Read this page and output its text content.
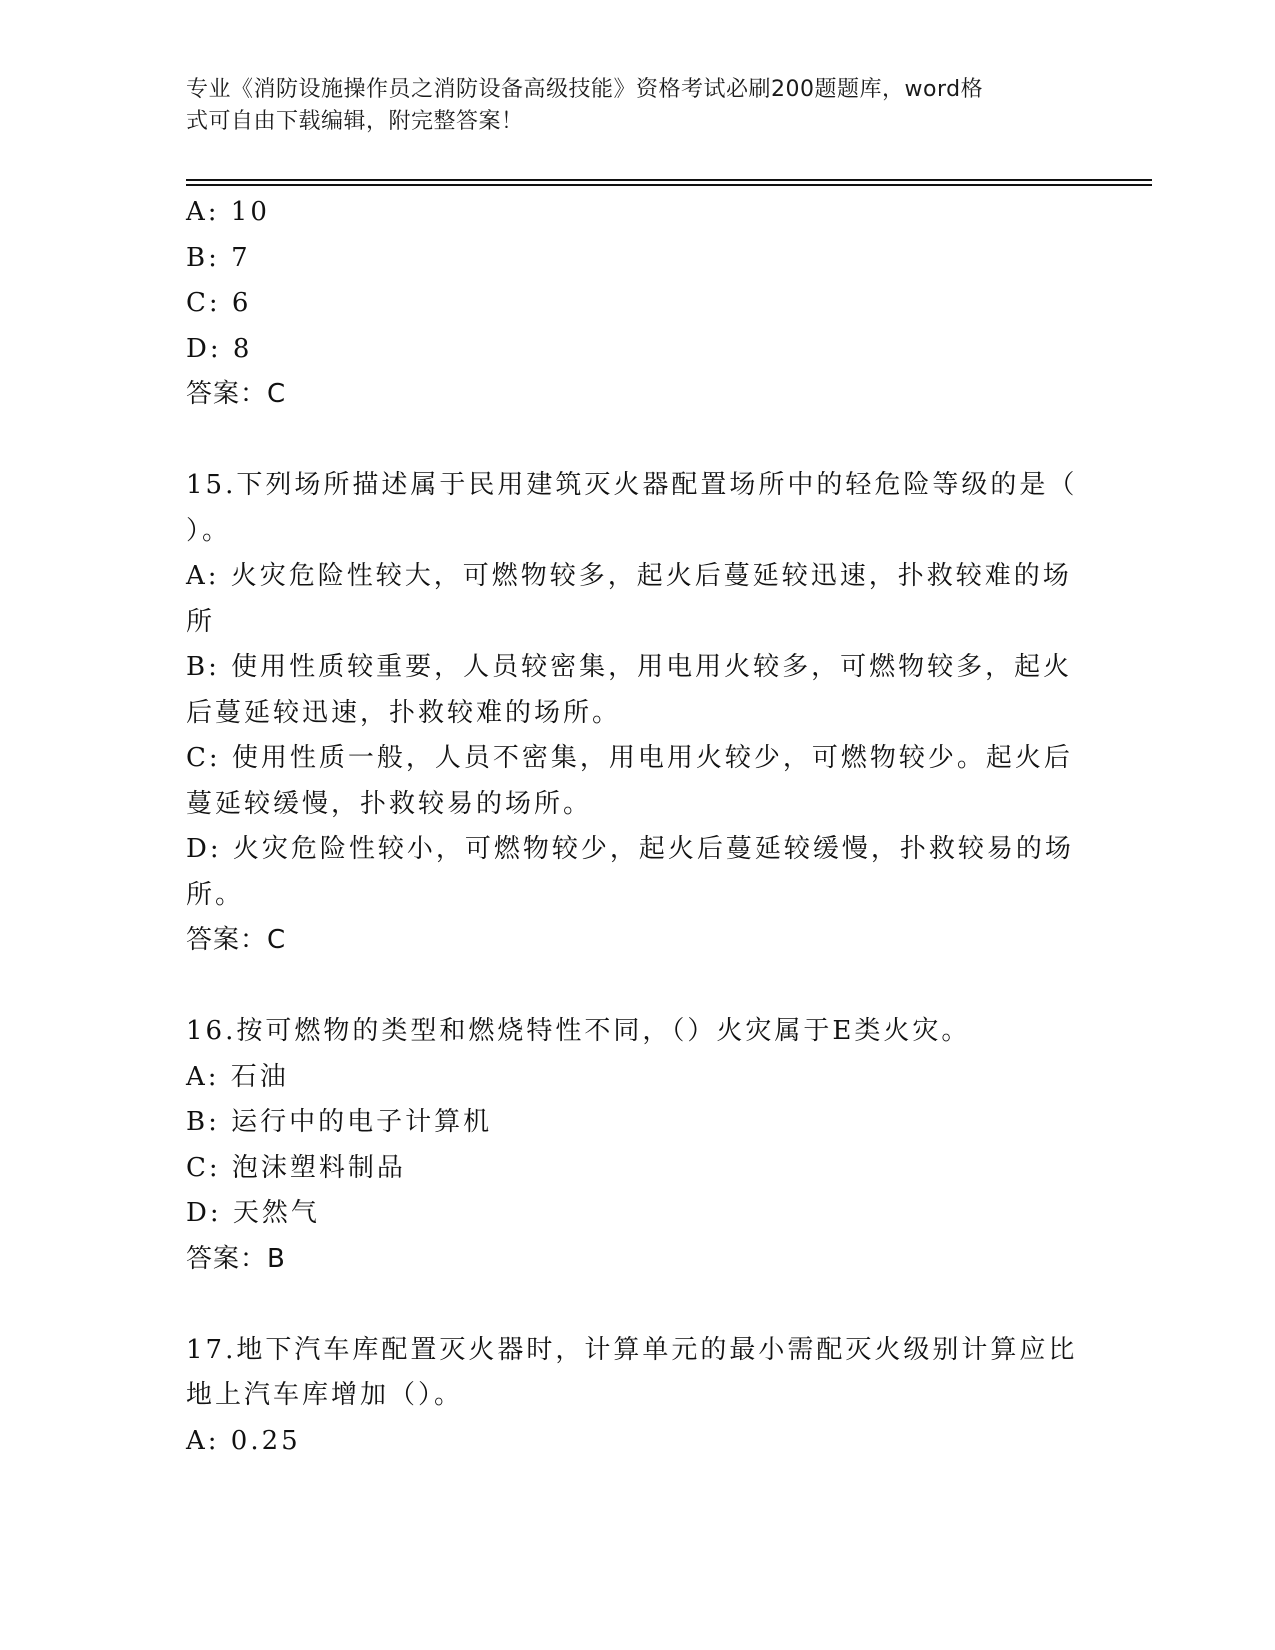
专业《消防设施操作员之消防设备高级技能》资格考试必刷200题题库，word格
式可自由下载编辑，附完整答案！

A: 10

B: 7

C: 6

D: 8

答案：C

15.下列场所描述属于民用建筑灭火器配置场所中的轻危险等级的是（

）。

A: 火灾危险性较大，可燃物较多，起火后蔓延较迅速，扑救较难的场

所

B: 使用性质较重要，人员较密集，用电用火较多，可燃物较多，起火

后蔓延较迅速，扑救较难的场所。

C: 使用性质一般，人员不密集，用电用火较少，可燃物较少。起火后

蔓延较缓慢，扑救较易的场所。

D: 火灾危险性较小，可燃物较少，起火后蔓延较缓慢，扑救较易的场

所。

答案：C

16.按可燃物的类型和燃烧特性不同，（）火灾属于E类火灾。

A: 石油

B: 运行中的电子计算机

C: 泡沫塑料制品

D: 天然气

答案：B

17.地下汽车库配置灭火器时，计算单元的最小需配灭火级别计算应比

地上汽车库增加（）。

A: 0.25
